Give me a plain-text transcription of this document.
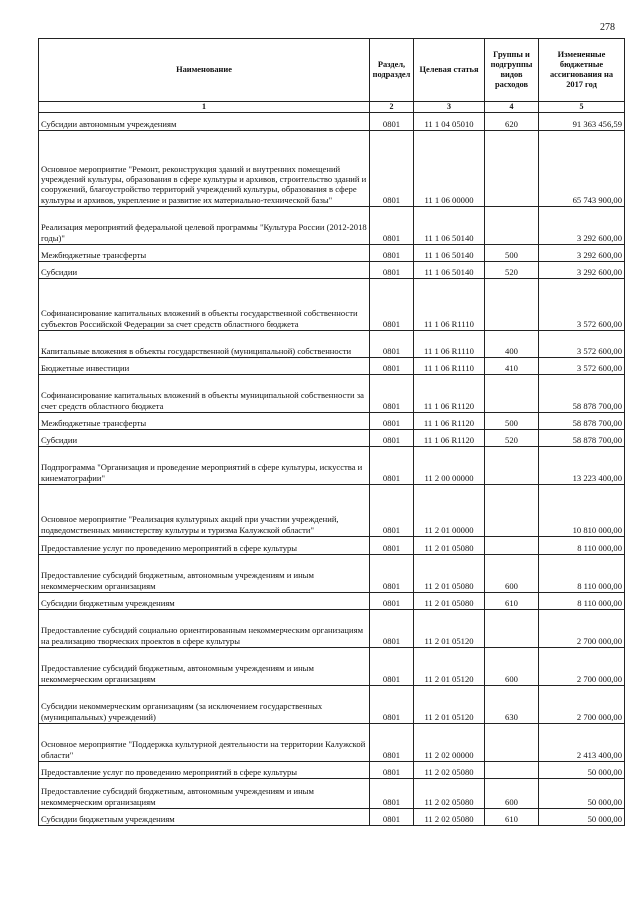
278
Наименование	Раздел, подраздел	Целевая статья	Группы и подгруппы видов расходов	Измененные бюджетные ассигнования на 2017 год
1	2	3	4	5
Субсидии автономным учреждениям	0801	11 1 04 05010	620	91 363 456,59
Основное мероприятие "Ремонт, реконструкция зданий и внутренних помещений учреждений культуры, образования в сфере культуры и архивов, строительство зданий и сооружений, благоустройство территорий учреждений культуры, образования в сфере культуры и архивов, укрепление и развитие их материально-технической базы"	0801	11 1 06 00000		65 743 900,00
Реализация мероприятий федеральной целевой программы "Культура России (2012-2018 годы)"	0801	11 1 06 50140		3 292 600,00
Межбюджетные трансферты	0801	11 1 06 50140	500	3 292 600,00
Субсидии	0801	11 1 06 50140	520	3 292 600,00
Софинансирование капитальных вложений в объекты государственной собственности субъектов Российской Федерации за счет средств областного бюджета	0801	11 1 06 R1110		3 572 600,00
Капитальные вложения в объекты государственной (муниципальной) собственности	0801	11 1 06 R1110	400	3 572 600,00
Бюджетные инвестиции	0801	11 1 06 R1110	410	3 572 600,00
Софинансирование капитальных вложений в объекты муниципальной собственности за счет средств областного бюджета	0801	11 1 06 R1120		58 878 700,00
Межбюджетные трансферты	0801	11 1 06 R1120	500	58 878 700,00
Субсидии	0801	11 1 06 R1120	520	58 878 700,00
Подпрограмма "Организация и проведение мероприятий в сфере культуры, искусства и кинематографии"	0801	11 2 00 00000		13 223 400,00
Основное мероприятие "Реализация культурных акций при участии учреждений, подведомственных министерству культуры и туризма Калужской области"	0801	11 2 01 00000		10 810 000,00
Предоставление услуг по проведению мероприятий в сфере культуры	0801	11 2 01 05080		8 110 000,00
Предоставление субсидий бюджетным, автономным учреждениям и иным некоммерческим организациям	0801	11 2 01 05080	600	8 110 000,00
Субсидии бюджетным учреждениям	0801	11 2 01 05080	610	8 110 000,00
Предоставление субсидий социально ориентированным некоммерческим организациям на реализацию творческих проектов в сфере культуры	0801	11 2 01 05120		2 700 000,00
Предоставление субсидий бюджетным, автономным учреждениям и иным некоммерческим организациям	0801	11 2 01 05120	600	2 700 000,00
Субсидии некоммерческим организациям (за исключением государственных (муниципальных) учреждений)	0801	11 2 01 05120	630	2 700 000,00
Основное мероприятие "Поддержка культурной деятельности на территории Калужской области"	0801	11 2 02 00000		2 413 400,00
Предоставление услуг по проведению мероприятий в сфере культуры	0801	11 2 02 05080		50 000,00
Предоставление субсидий бюджетным, автономным учреждениям и иным некоммерческим организациям	0801	11 2 02 05080	600	50 000,00
Субсидии бюджетным учреждениям	0801	11 2 02 05080	610	50 000,00
